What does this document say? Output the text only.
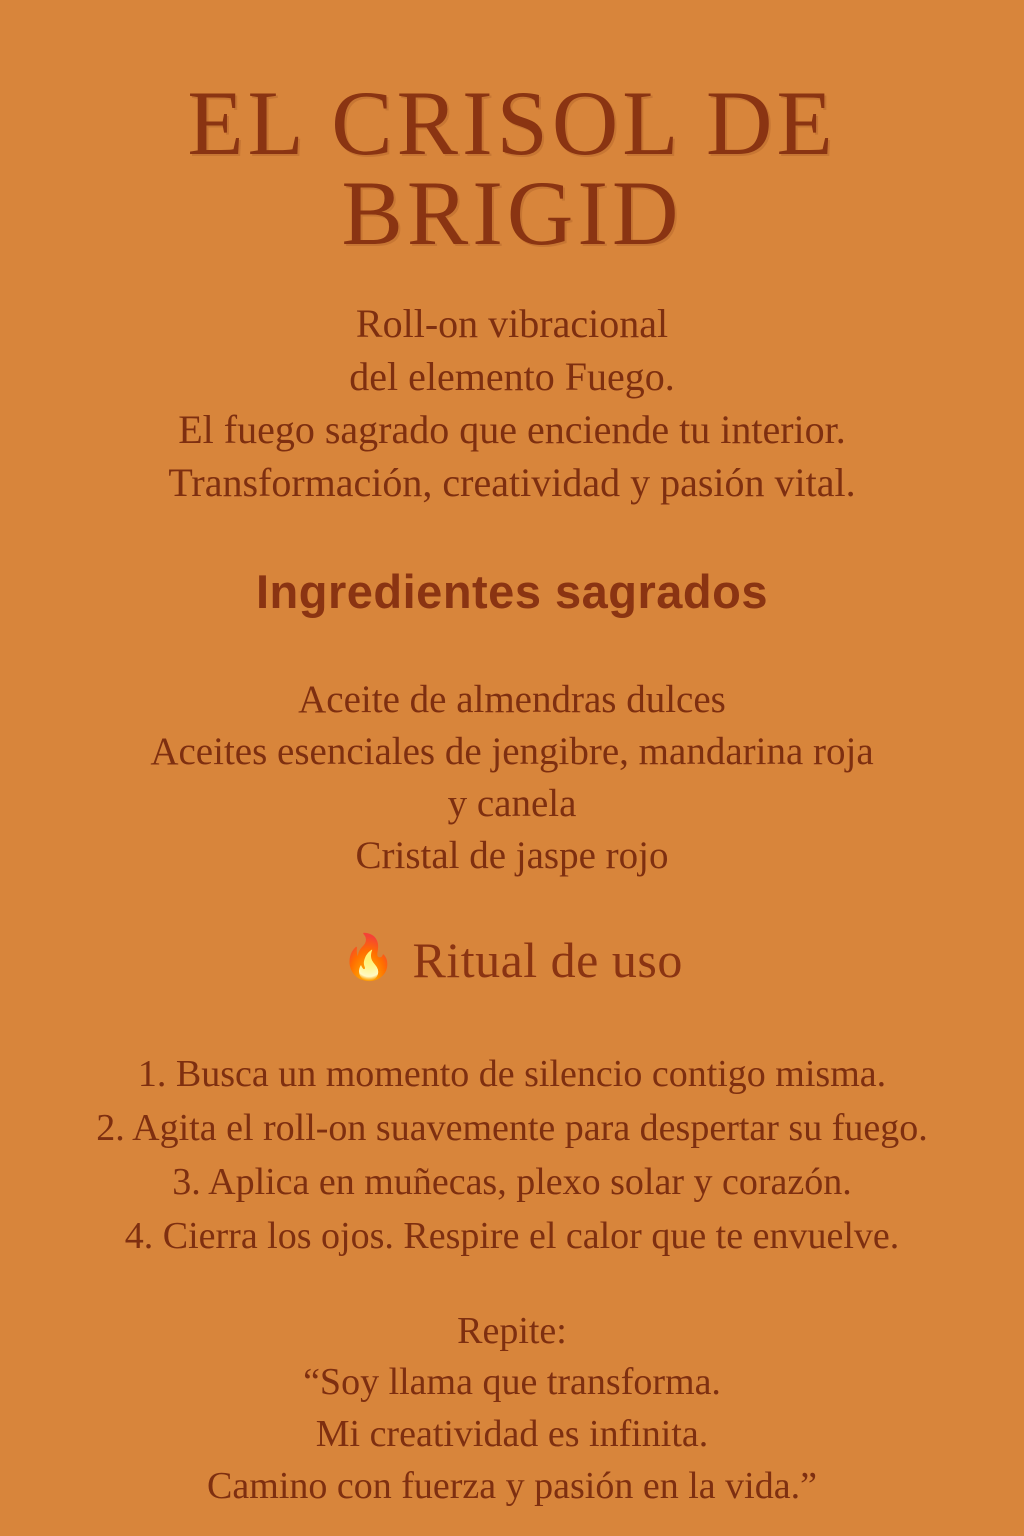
EL CRISOL DE BRIGID
Roll-on vibracional
del elemento Fuego.
El fuego sagrado que enciende tu interior.
Transformación, creatividad y pasión vital.
Ingredientes sagrados
Aceite de almendras dulces
Aceites esenciales de jengibre, mandarina roja
y canela
Cristal de jaspe rojo
🔥 Ritual de uso
1. Busca un momento de silencio contigo misma.
2. Agita el roll-on suavemente para despertar su fuego.
3. Aplica en muñecas, plexo solar y corazón.
4. Cierra los ojos. Respire el calor que te envuelve.
Repite:
“Soy llama que transforma.
Mi creatividad es infinita.
Camino con fuerza y pasión en la vida.”
